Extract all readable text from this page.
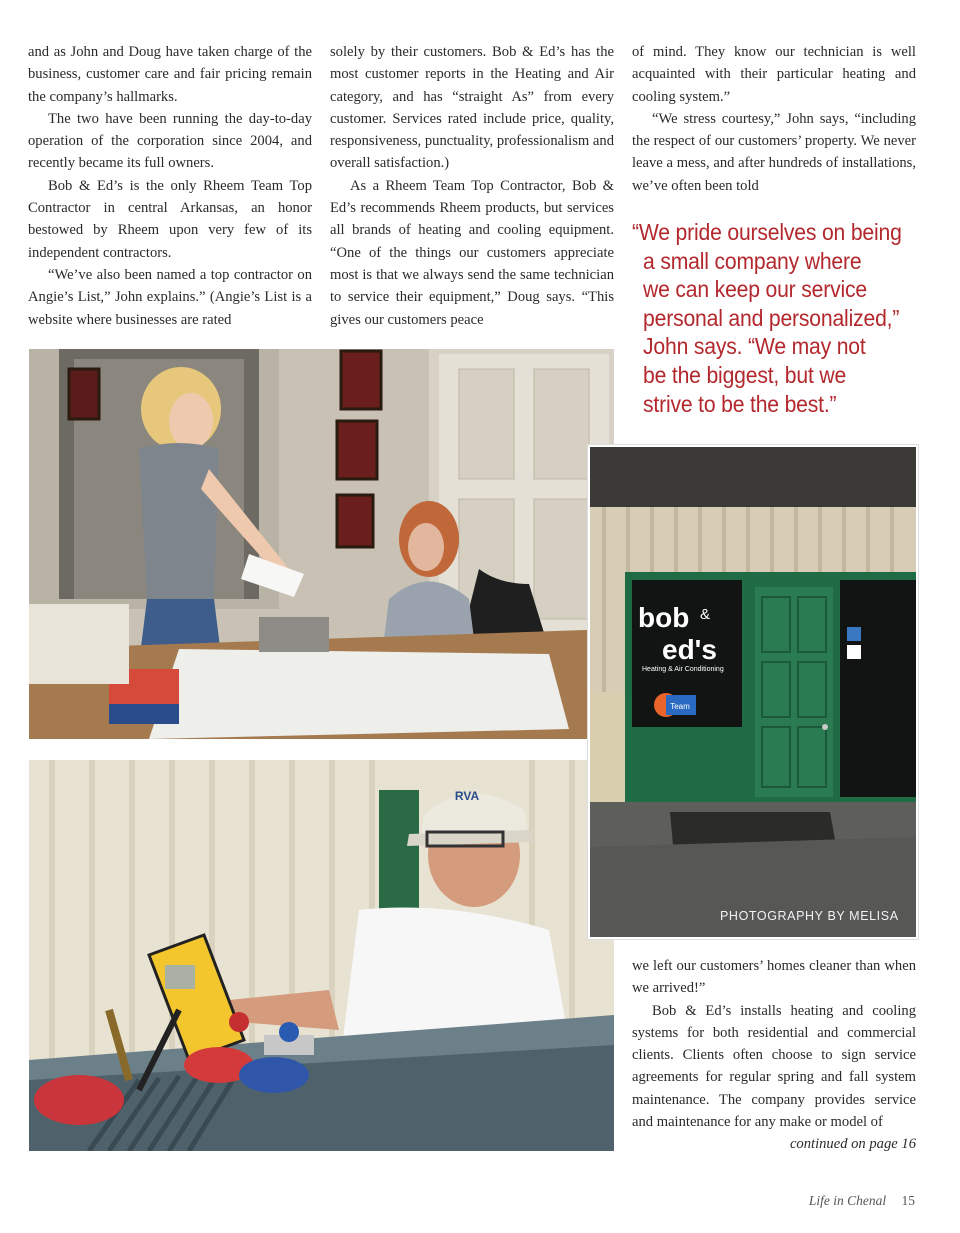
and as John and Doug have taken charge of the business, customer care and fair pricing remain the company’s hallmarks.

The two have been running the day-to-day operation of the corporation since 2004, and recently became its full owners.

Bob & Ed’s is the only Rheem Team Top Contractor in central Arkansas, an honor bestowed by Rheem upon very few of its independent contractors.

“We’ve also been named a top contractor on Angie’s List,” John explains.” (Angie’s List is a website where businesses are rated

solely by their customers. Bob & Ed’s has the most customer reports in the Heating and Air category, and has “straight As” from every customer. Services rated include price, quality, responsiveness, punctuality, professionalism and overall satisfaction.)

As a Rheem Team Top Contractor, Bob & Ed’s recommends Rheem products, but services all brands of heating and cooling equipment. “One of the things our customers appreciate most is that we always send the same technician to service their equipment,” Doug says. “This gives our customers peace

of mind. They know our technician is well acquainted with their particular heating and cooling system.”

“We stress courtesy,” John says, “including the respect of our customers’ property. We never leave a mess, and after hundreds of installations, we’ve often been told

“We pride ourselves on being
a small company where
we can keep our service
personal and personalized,”
John says. “We may not
be the biggest, but we
strive to be the best.”
RVA
bob &
ed's
Heating & Air Conditioning
Team
PHOTOGRAPHY BY MELISA

we left our customers’ homes cleaner than when we arrived!”

Bob & Ed’s installs heating and cooling systems for both residential and commercial clients. Clients often choose to sign service agreements for regular spring and fall system maintenance. The company provides service and maintenance for any make or model of

continued on page 16

Life in Chenal 15
